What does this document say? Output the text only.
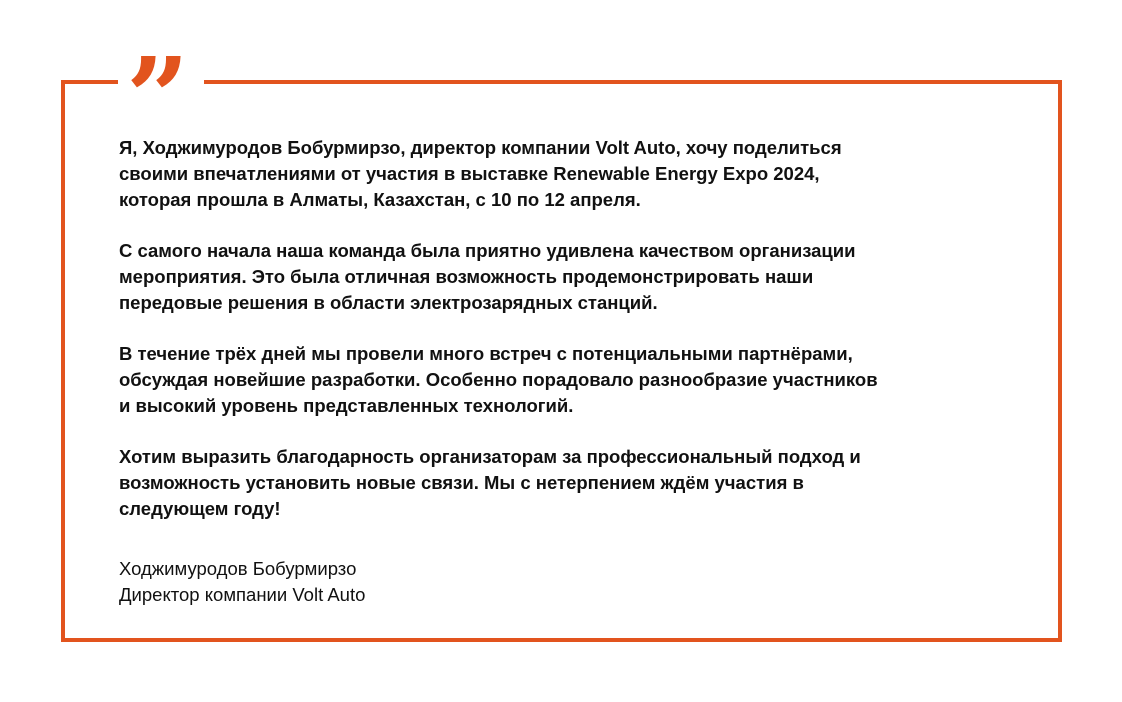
”

Я, Ходжимуродов Бобурмирзо, директор компании Volt Auto, хочу поделиться
своими впечатлениями от участия в выставке Renewable Energy Expo 2024,
которая прошла в Алматы, Казахстан, с 10 по 12 апреля.

С самого начала наша команда была приятно удивлена качеством организации
мероприятия. Это была отличная возможность продемонстрировать наши
передовые решения в области электрозарядных станций.

В течение трёх дней мы провели много встреч с потенциальными партнёрами,
обсуждая новейшие разработки. Особенно порадовало разнообразие участников
и высокий уровень представленных технологий.

Хотим выразить благодарность организаторам за профессиональный подход и
возможность установить новые связи. Мы с нетерпением ждём участия в
следующем году!

Ходжимуродов Бобурмирзо
Директор компании Volt Auto
